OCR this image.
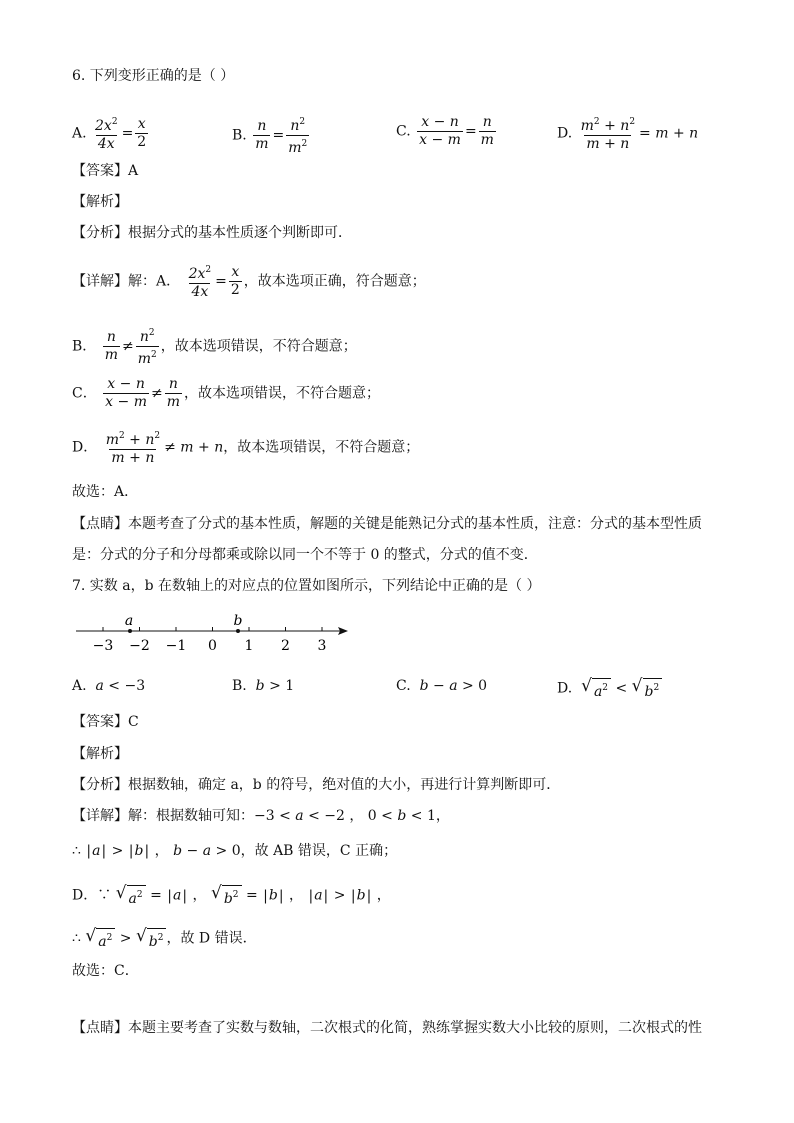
6. 下列变形正确的是（ ）
A. $\frac{2x^2}{4x} = \frac{x}{2}$	B. $\frac{n}{m} = \frac{n^2}{m^2}$	C. $\frac{x - n}{x - m} = \frac{n}{m}$	D. $\frac{m^2 + n^2}{m + n} = m + n$
【答案】A
【解析】
【分析】根据分式的基本性质逐个判断即可．
【详解】解：A． $\frac{2x^2}{4x} = \frac{x}{2}$ ，故本选项正确，符合题意；
B． $\frac{n}{m} \ne \frac{n^2}{m^2}$ ，故本选项错误，不符合题意；
C． $\frac{x - n}{x - m} \ne \frac{n}{m}$ ，故本选项错误，不符合题意；
D． $\frac{m^2 + n^2}{m + n} \ne m + n$，故本选项错误，不符合题意；
故选：A．
【点睛】本题考查了分式的基本性质，解题的关键是能熟记分式的基本性质，注意：分式的基本型性质
是：分式的分子和分母都乘或除以同一个不等于 0 的整式，分式的值不变．
7. 实数 a，b 在数轴上的对应点的位置如图所示，下列结论中正确的是（ ）
−3 −2 −1 0 1 2 3
a	b
A. a < −3	B. b > 1	C. b − a > 0	D. √ $a^2$ < √ $b^2$
【答案】C
【解析】
【分析】根据数轴，确定 a，b 的符号，绝对值的大小，再进行计算判断即可．
【详解】解：根据数轴可知：−3 < a < −2 ， 0 < b < 1，
∴ | a | > | b | ， b − a > 0，故 AB 错误，C 正确；
D．∵ √ $a^2$ = | a | ， √ $b^2$ = | b | ， | a | > | b | ，
∴ √ $a^2$ > √ $b^2$ ，故 D 错误．
故选：C．
【点睛】本题主要考查了实数与数轴，二次根式的化简，熟练掌握实数大小比较的原则，二次根式的性
